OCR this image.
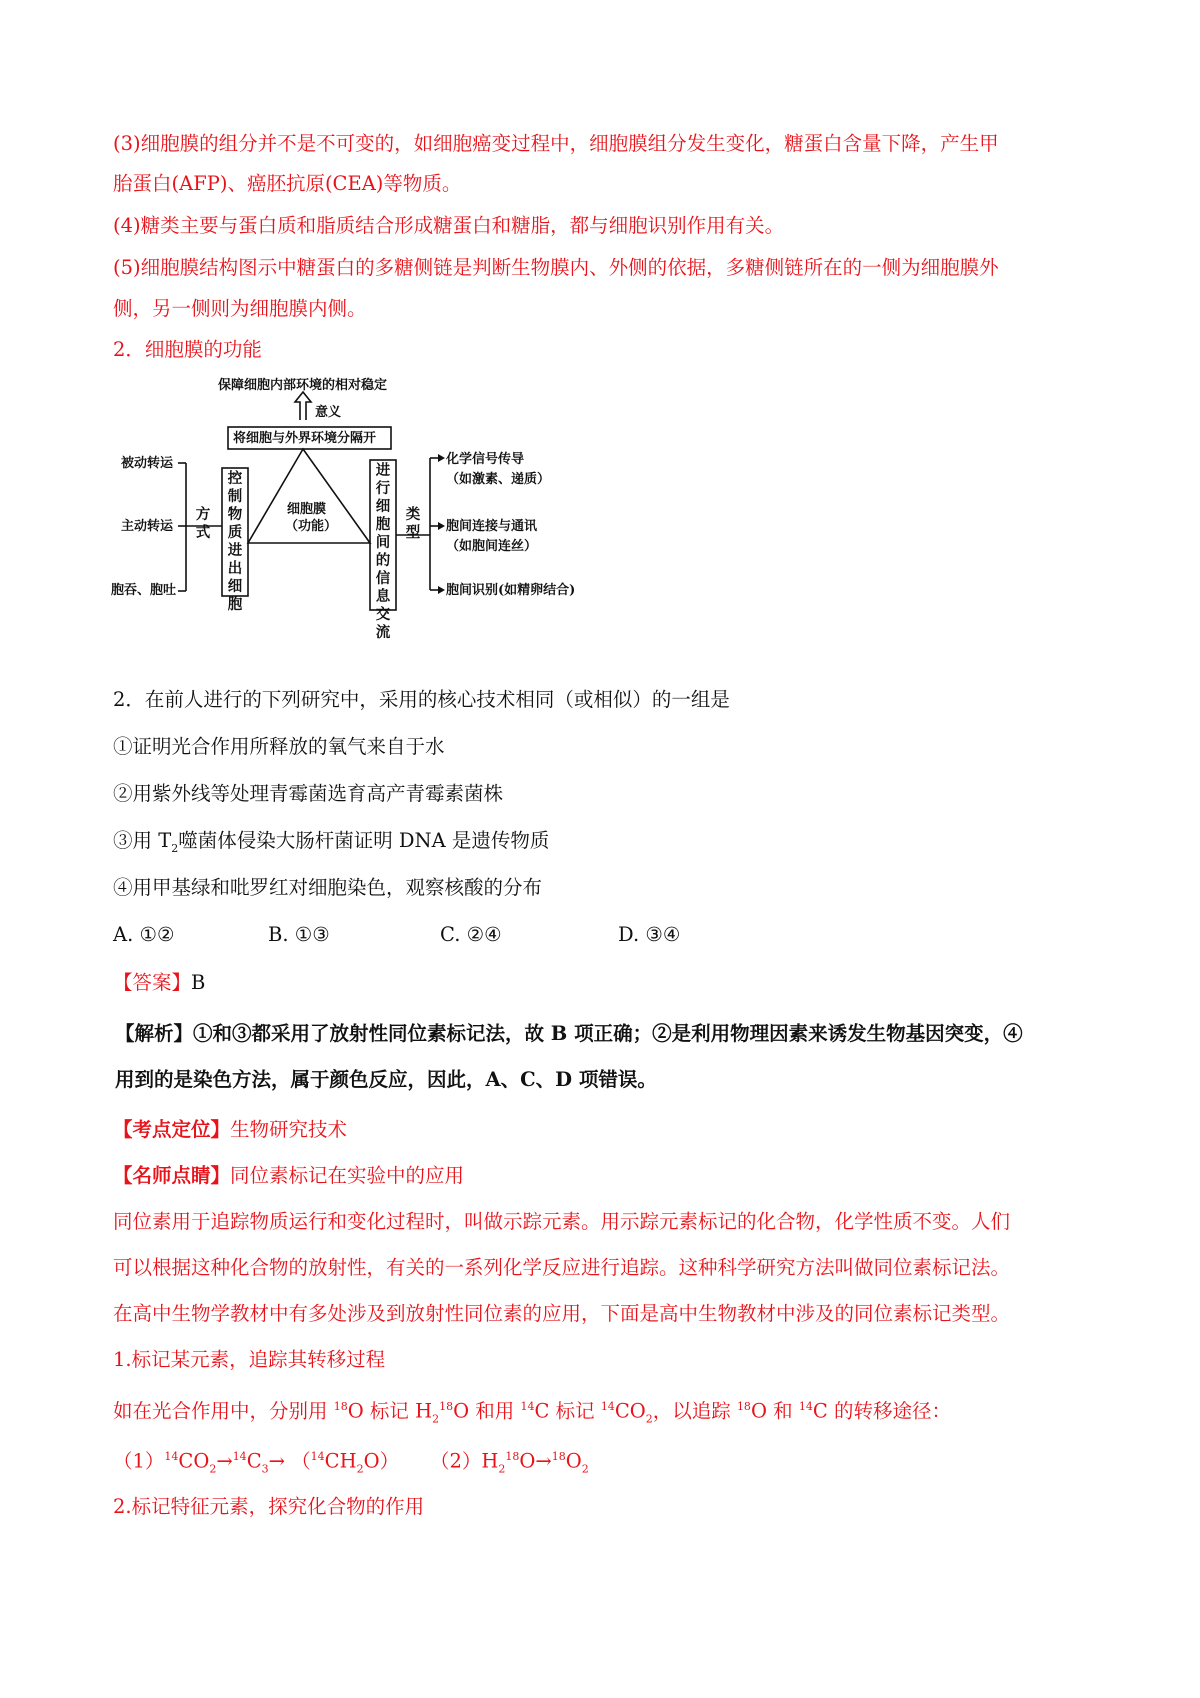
(3)细胞膜的组分并不是不可变的，如细胞癌变过程中，细胞膜组分发生变化，糖蛋白含量下降，产生甲

胎蛋白(AFP)、癌胚抗原(CEA)等物质。

(4)糖类主要与蛋白质和脂质结合形成糖蛋白和糖脂，都与细胞识别作用有关。

(5)细胞膜结构图示中糖蛋白的多糖侧链是判断生物膜内、外侧的依据，多糖侧链所在的一侧为细胞膜外

侧，另一侧则为细胞膜内侧。

2．细胞膜的功能

保障细胞内部环境的相对稳定
意义
将细胞与外界环境分隔开
细胞膜
（功能）
控制物质进出细胞
进行细胞间的信息交流
方式
类型
被动转运
主动转运
胞吞、胞吐
化学信号传导
（如激素、递质）
胞间连接与通讯
（如胞间连丝）
胞间识别(如精卵结合)

2．在前人进行的下列研究中，采用的核心技术相同（或相似）的一组是

①证明光合作用所释放的氧气来自于水

②用紫外线等处理青霉菌选育高产青霉素菌株

③用 $T_2$噬菌体侵染大肠杆菌证明 DNA 是遗传物质

④用甲基绿和吡罗红对细胞染色，观察核酸的分布

A. ①②	B. ①③	C. ②④	D. ③④

【答案】B

【解析】①和③都采用了放射性同位素标记法，故 B 项正确；②是利用物理因素来诱发生物基因突变，④

用到的是染色方法，属于颜色反应，因此，A、C、D 项错误。

【考点定位】生物研究技术

【名师点睛】同位素标记在实验中的应用

同位素用于追踪物质运行和变化过程时，叫做示踪元素。用示踪元素标记的化合物，化学性质不变。人们

可以根据这种化合物的放射性，有关的一系列化学反应进行追踪。这种科学研究方法叫做同位素标记法。

在高中生物学教材中有多处涉及到放射性同位素的应用，下面是高中生物教材中涉及的同位素标记类型。

1.标记某元素，追踪其转移过程

如在光合作用中，分别用 $^{18}$O 标记 $H_2^{18}O$ 和用 $^{14}$C 标记 $^{14}CO_2$，以追踪 $^{18}$O 和 $^{14}$C 的转移途径：

$(1)^{14}CO_2\to^{14}C_3\to (^{14}CH_2O)$ $(2)H_2^{18}O\to^{18}O_2$

2.标记特征元素，探究化合物的作用
